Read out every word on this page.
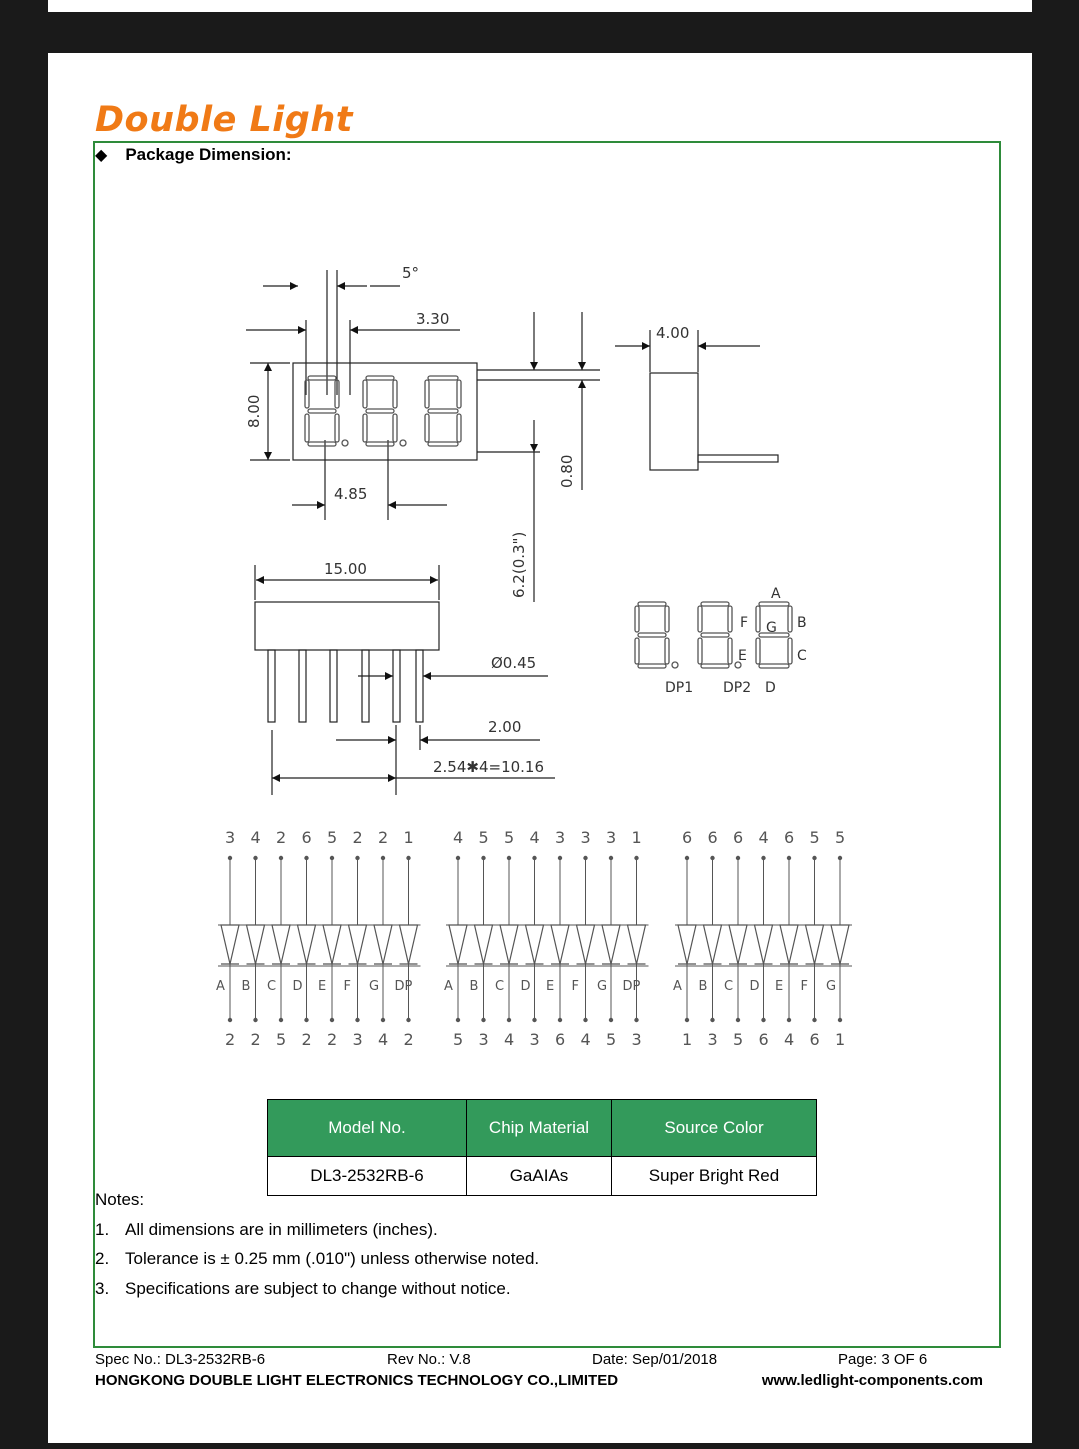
Double Light
◆ Package Dimension:
Model No.	Chip Material	Source Color
DL3-2532RB-6	GaAIAs	Super Bright Red
Notes:
1. All dimensions are in millimeters (inches).
2. Tolerance is ± 0.25 mm (.010") unless otherwise noted.
3. Specifications are subject to change without notice.
Spec No.: DL3-2532RB-6	Rev No.: V.8	Date: Sep/01/2018	Page: 3 OF 6
HONGKONG DOUBLE LIGHT ELECTRONICS TECHNOLOGY CO.,LIMITED	www.ledlight-components.com
3
A
2
4
B
2
2
C
5
6
D
2
5
E
2
2
F
3
2
G
4
1
DP
2
4
A
5
5
B
3
5
C
4
4
D
3
3
E
6
3
F
4
3
G
5
1
DP
3
6
A
1
6
B
3
6
C
5
4
D
6
6
E
4
5
F
6
5
G
1
5°
3.30
4.85
8.00
0.80
6.2(0.3")
4.00
15.00
Ø0.45
2.00
2.54✱4=10.16
A
B
C
D
E
F G
DP1 DP2
